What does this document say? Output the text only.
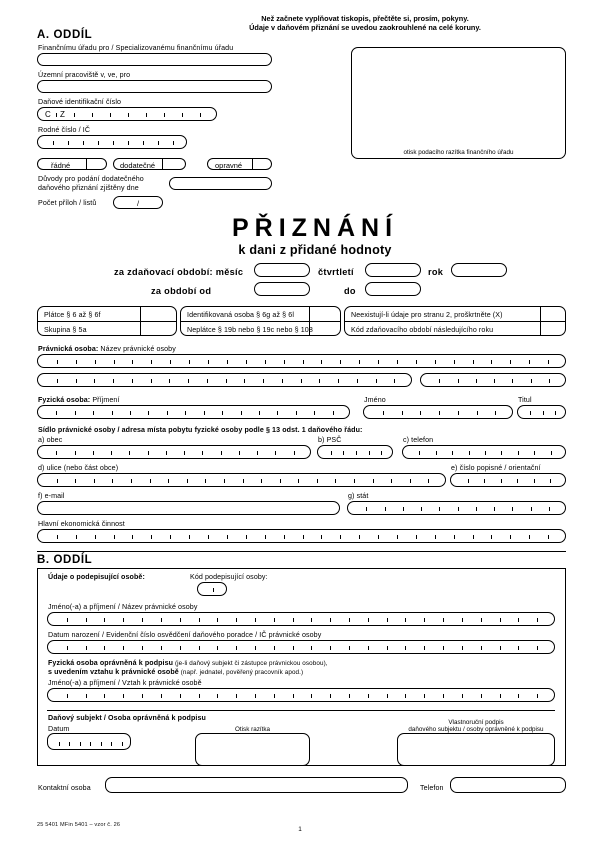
Než začnete vyplňovat tiskopis, přečtěte si, prosím, pokyny.
Údaje v daňovém přiznání se uvedou zaokrouhlené na celé koruny.
A. ODDÍL
Finančnímu úřadu pro / Specializovanému finančnímu úřadu
Územní pracoviště v, ve, pro
Daňové identifikační číslo
C Z
Rodné číslo / IČ
řádné	dodatečné	opravné
Důvody pro podání dodatečného
daňového přiznání zjištěny dne
Počet příloh / listů	/
otisk podacího razítka finančního úřadu
PŘIZNÁNÍ
k dani z přidané hodnoty
za zdaňovací období: měsíc	čtvrtletí	rok
za období od	do
Plátce § 6 až § 6f
Skupina § 5a
Identifikovaná osoba § 6g až § 6l
Neplátce § 19b nebo § 19c nebo § 108
Neexistují-li údaje pro stranu 2, proškrtněte (X)
Kód zdaňovacího období následujícího roku
Právnická osoba: Název právnické osoby
Fyzická osoba: Příjmení	Jméno	Titul
Sídlo právnické osoby / adresa místa pobytu fyzické osoby podle § 13 odst. 1 daňového řádu:
a) obec	b) PSČ	c) telefon
d) ulice (nebo část obce)	e) číslo popisné / orientační
f) e-mail	g) stát
Hlavní ekonomická činnost
B. ODDÍL
Údaje o podepisující osobě:	Kód podepisující osoby:
Jméno(-a) a příjmení / Název právnické osoby
Datum narození / Evidenční číslo osvědčení daňového poradce / IČ právnické osoby
Fyzická osoba oprávněná k podpisu (je-li daňový subjekt či zástupce právnickou osobou),
s uvedením vztahu k právnické osobě (např. jednatel, pověřený pracovník apod.)
Jméno(-a) a příjmení / Vztah k právnické osobě
Daňový subjekt / Osoba oprávněná k podpisu
Datum	Otisk razítka
Vlastnoruční podpis
daňového subjektu / osoby oprávněné k podpisu
Kontaktní osoba	Telefon
25 5401 MFin 5401 – vzor č. 26
1
